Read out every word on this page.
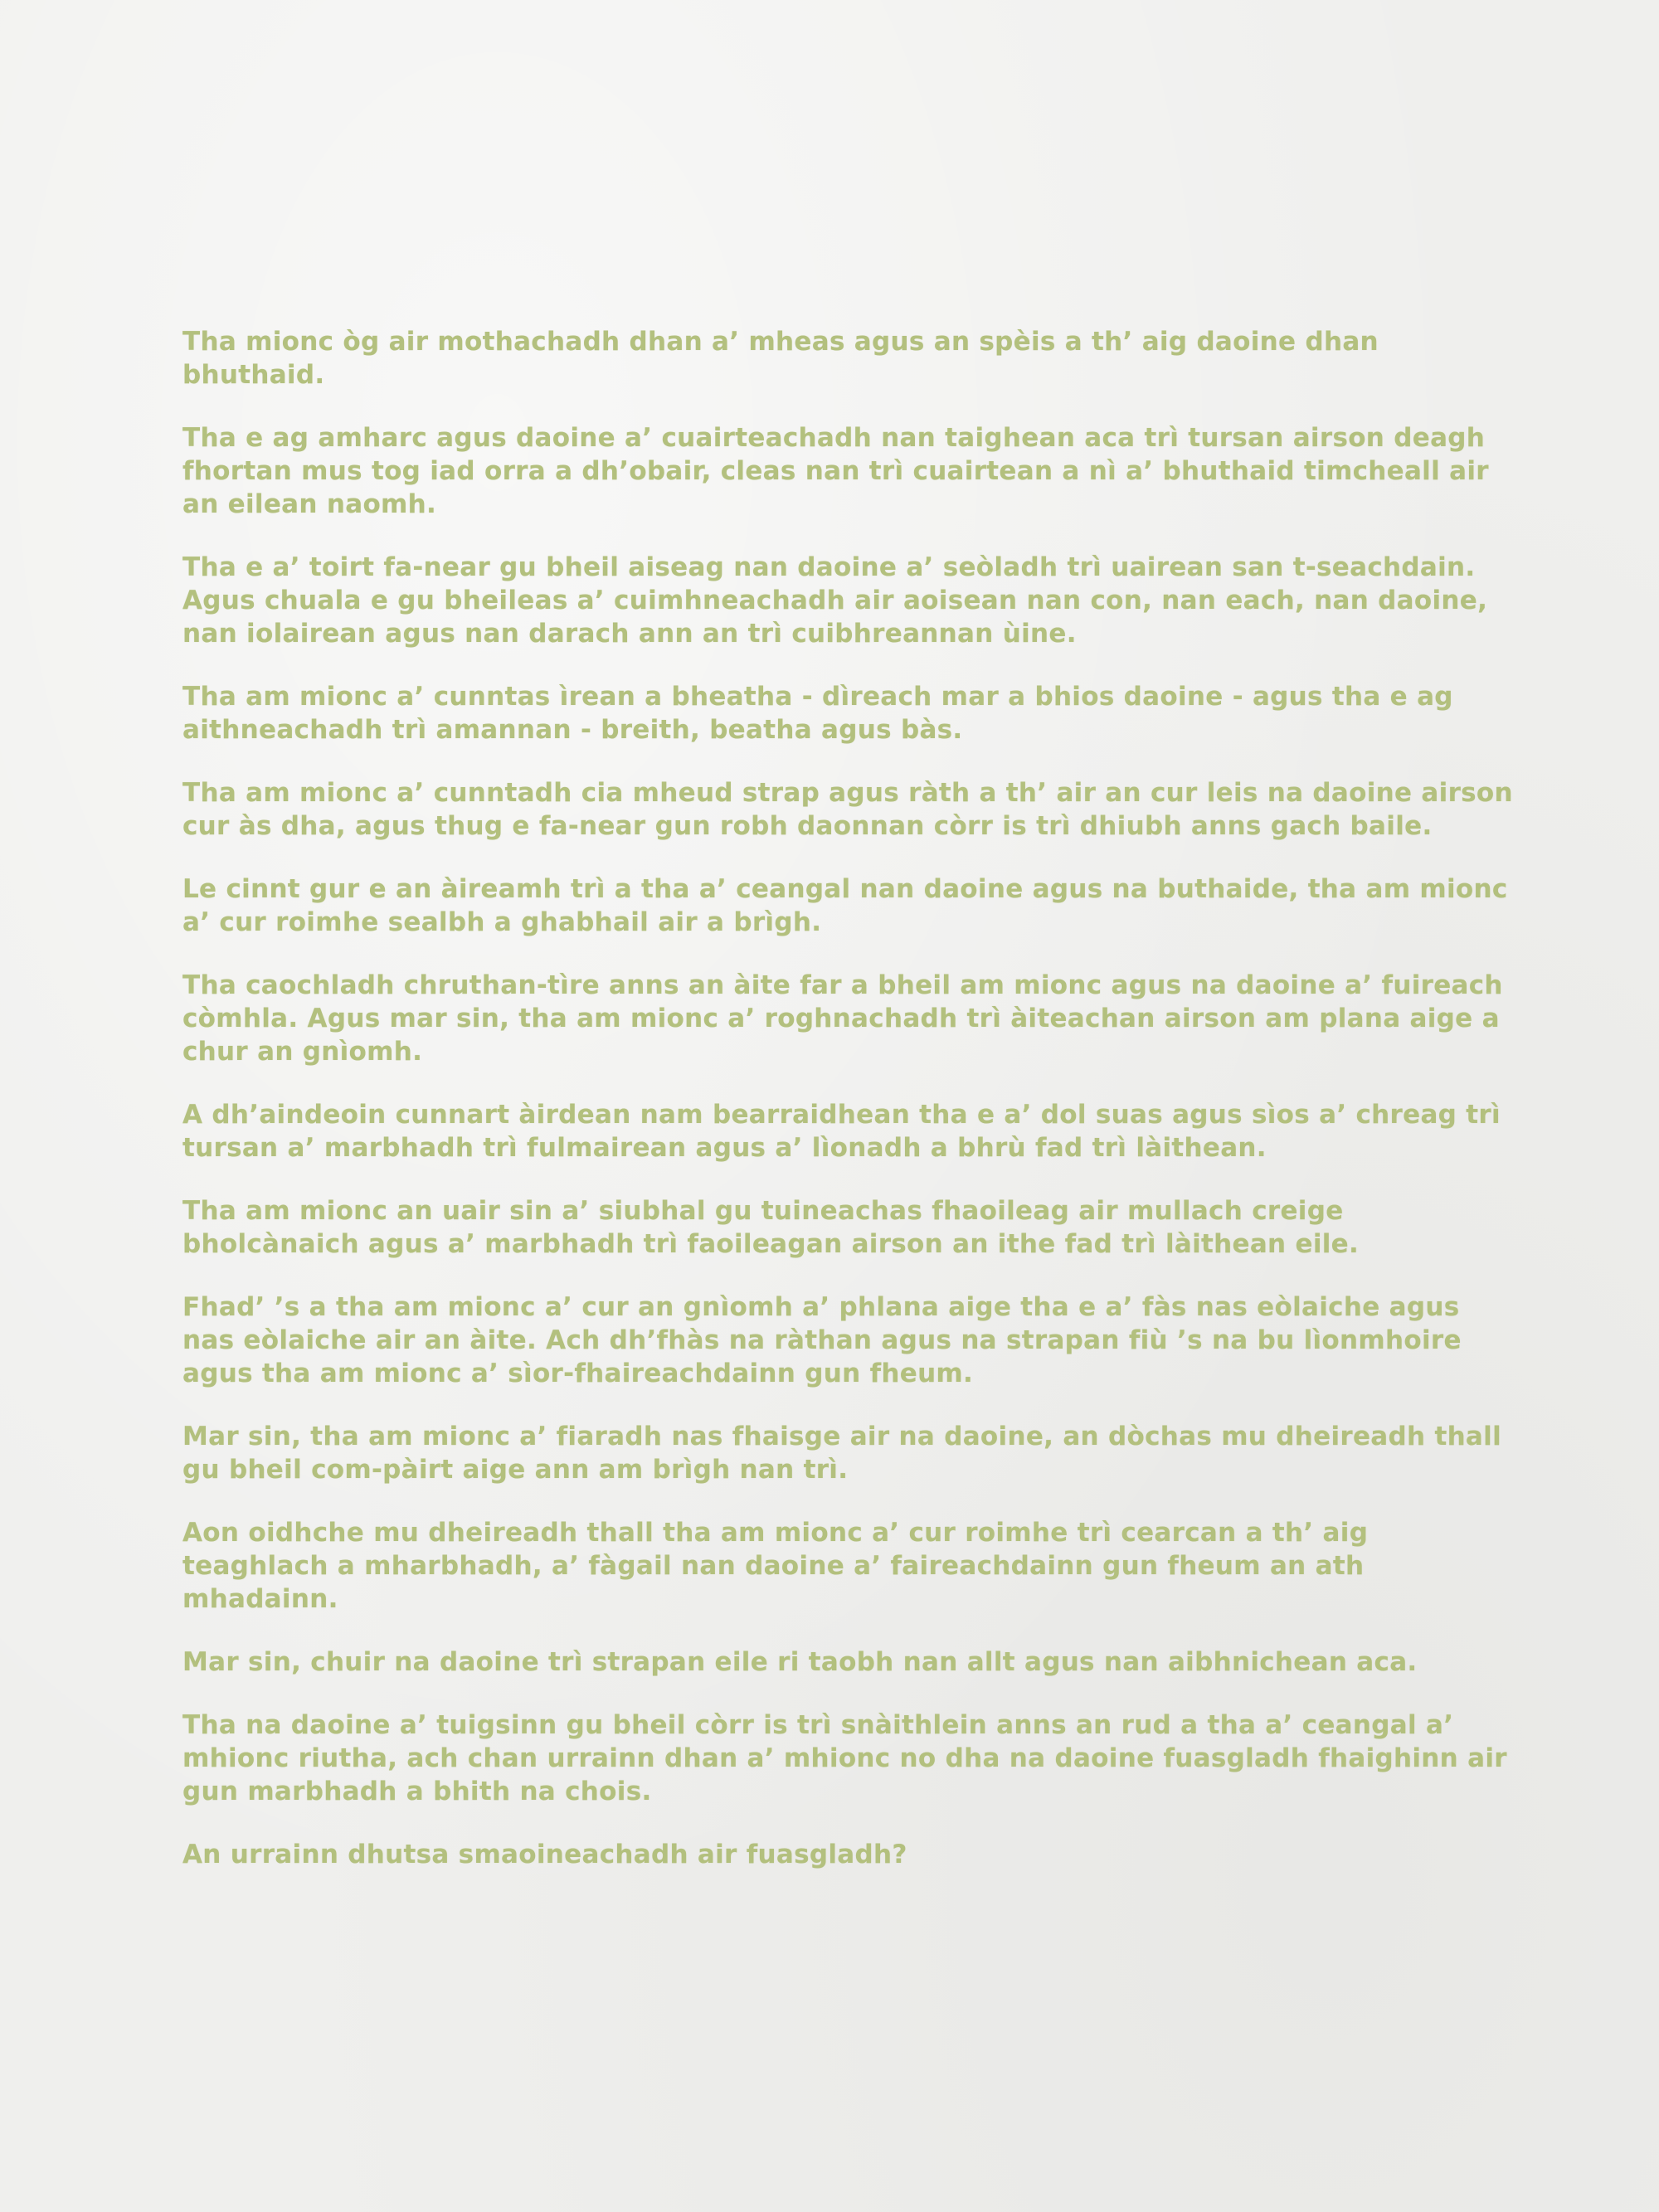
Tha mionc òg air mothachadh dhan a’ mheas agus an spèis a th’ aig daoine dhan bhuthaid.

Tha e ag amharc agus daoine a’ cuairteachadh nan taighean aca trì tursan airson deagh fhortan mus tog iad orra a dh’obair, cleas nan trì cuairtean a nì a’ bhuthaid timcheall air an eilean naomh.

Tha e a’ toirt fa-near gu bheil aiseag nan daoine a’ seòladh trì uairean san t-seachdain. Agus chuala e gu bheileas a’ cuimhneachadh air aoisean nan con, nan each, nan daoine, nan iolairean agus nan darach ann an trì cuibhreannan ùine.

Tha am mionc a’ cunntas ìrean a bheatha - dìreach mar a bhios daoine - agus tha e ag aithneachadh trì amannan - breith, beatha agus bàs.

Tha am mionc a’ cunntadh cia mheud strap agus ràth a th’ air an cur leis na daoine airson cur às dha, agus thug e fa-near gun robh daonnan còrr is trì dhiubh anns gach baile.

Le cinnt gur e an àireamh trì a tha a’ ceangal nan daoine agus na buthaide, tha am mionc a’ cur roimhe sealbh a ghabhail air a brìgh.

Tha caochladh chruthan-tìre anns an àite far a bheil am mionc agus na daoine a’ fuireach còmhla. Agus mar sin, tha am mionc a’ roghnachadh trì àiteachan airson am plana aige a chur an gnìomh.

A dh’aindeoin cunnart àirdean nam bearraidhean tha e a’ dol suas agus sìos a’ chreag trì tursan a’ marbhadh trì fulmairean agus a’ lìonadh a bhrù fad trì làithean.

Tha am mionc an uair sin a’ siubhal gu tuineachas fhaoileag air mullach creige bholcànaich agus a’ marbhadh trì faoileagan airson an ithe fad trì làithean eile.

Fhad’ ’s a tha am mionc a’ cur an gnìomh a’ phlana aige tha e a’ fàs nas eòlaiche agus nas eòlaiche air an àite. Ach dh’fhàs na ràthan agus na strapan fiù ’s na bu lìonmhoire agus tha am mionc a’ sìor-fhaireachdainn gun fheum.

Mar sin, tha am mionc a’ fiaradh nas fhaisge air na daoine, an dòchas mu dheireadh thall gu bheil com-pàirt aige ann am brìgh nan trì.

Aon oidhche mu dheireadh thall tha am mionc a’ cur roimhe trì cearcan a th’ aig teaghlach a mharbhadh, a’ fàgail nan daoine a’ faireachdainn gun fheum an ath mhadainn.

Mar sin, chuir na daoine trì strapan eile ri taobh nan allt agus nan aibhnichean aca.

Tha na daoine a’ tuigsinn gu bheil còrr is trì snàithlein anns an rud a tha a’ ceangal a’ mhionc riutha, ach chan urrainn dhan a’ mhionc no dha na daoine fuasgladh fhaighinn air gun marbhadh a bhith na chois.

An urrainn dhutsa smaoineachadh air fuasgladh?
